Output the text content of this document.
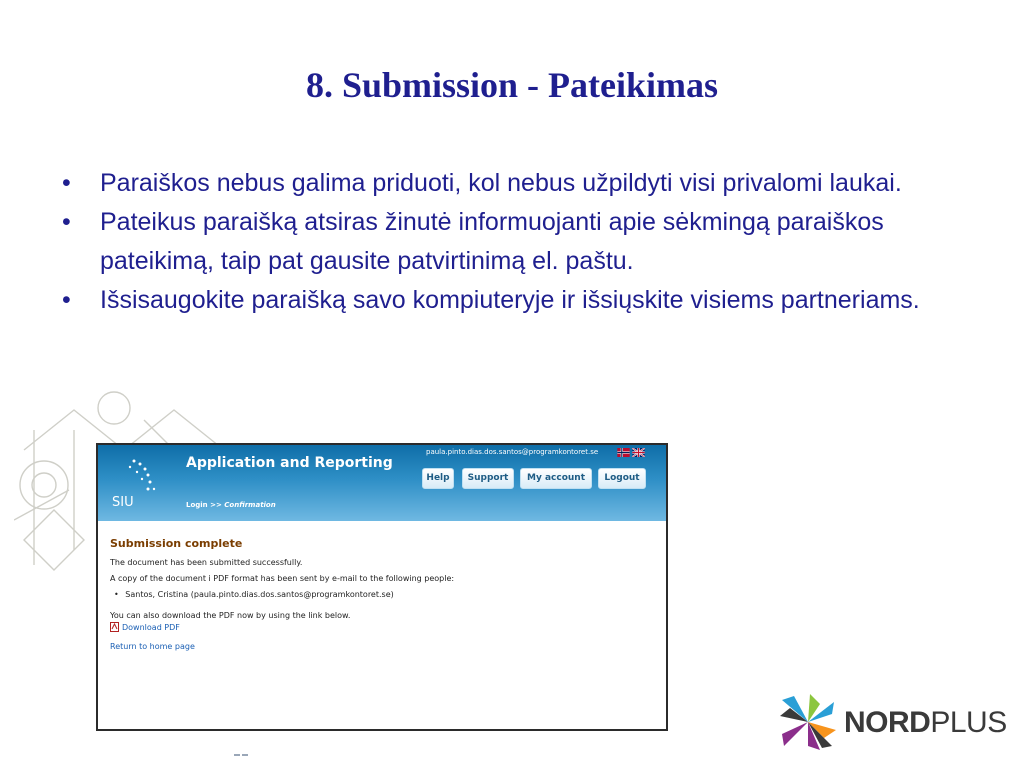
8. Submission - Pateikimas
• Paraiškos nebus galima priduoti, kol nebus užpildyti visi privalomi laukai.
• Pateikus paraišką atsiras žinutė informuojanti apie sėkmingą paraiškos pateikimą, taip pat gausite patvirtinimą el. paštu.
• Išsisaugokite paraišką savo kompiuteryje ir išsiųskite visiems partneriams.
SIU
Application and Reporting
paula.pinto.dias.dos.santos@programkontoret.se
Help	Support	My account	Logout
Login >> Confirmation
Submission complete

The document has been submitted successfully.

A copy of the document i PDF format has been sent by e-mail to the following people:

• Santos, Cristina (paula.pinto.dias.dos.santos@programkontoret.se)

You can also download the PDF now by using the link below.

Download PDF
Return to home page
NORDPLUS
